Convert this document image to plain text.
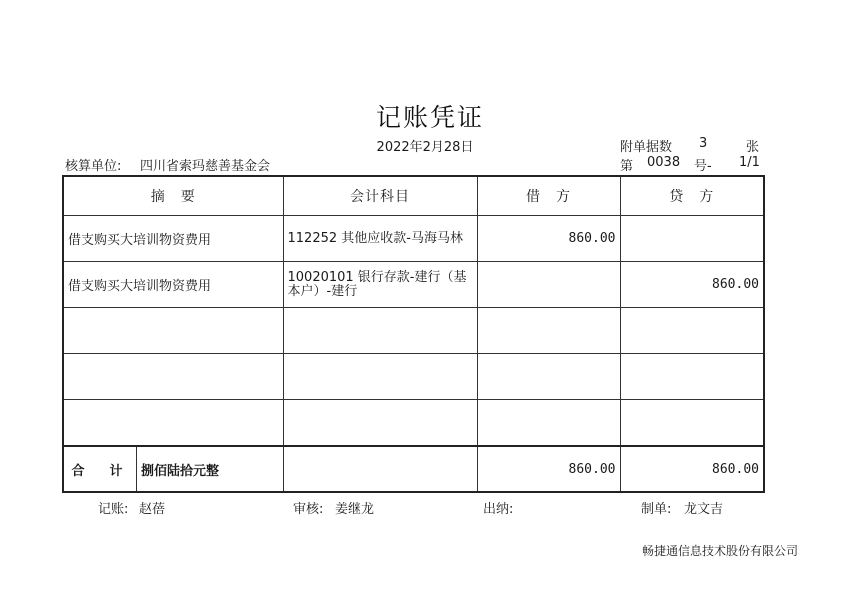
记账凭证
2022年2月28日	附单据数 3	张
核算单位: 四川省索玛慈善基金会	第 0038 号- 1/1
摘　要	会计科目	借　方	贷　方
借支购买大培训物资费用	112252 其他应收款-马海马林	860.00	
借支购买大培训物资费用	10020101 银行存款-建行（基本户）-建行		860.00

合　计 捌佰陆拾元整		860.00	860.00
记账: 赵蓓	审核: 姜继龙	出纳:	制单: 龙文吉
畅捷通信息技术股份有限公司
